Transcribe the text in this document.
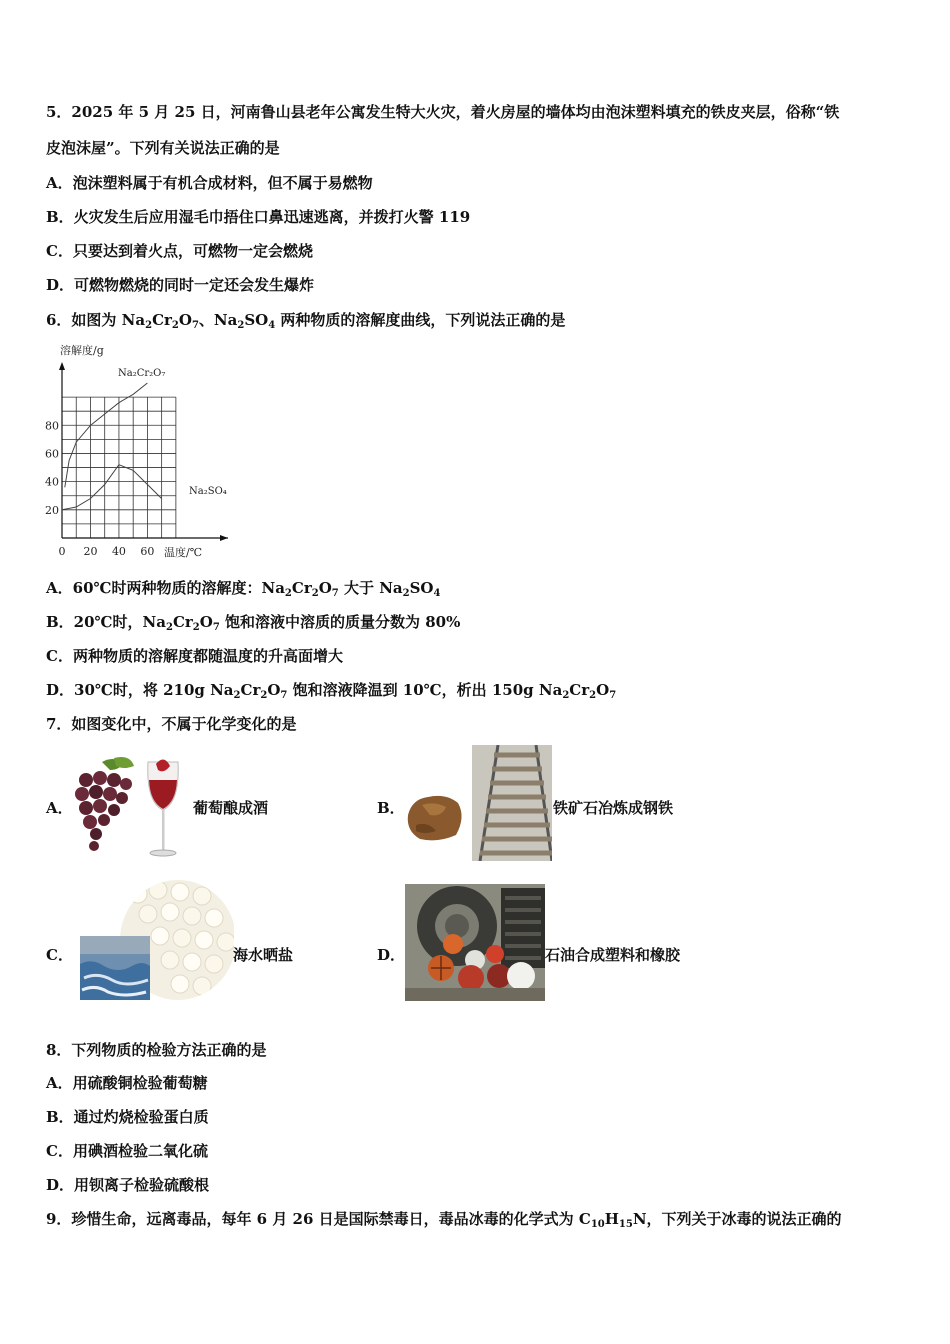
5．2025 年 5 月 25 日，河南鲁山县老年公寓发生特大火灾，着火房屋的墙体均由泡沫塑料填充的铁皮夹层，俗称“铁
皮泡沫屋”。下列有关说法正确的是
A．泡沫塑料属于有机合成材料，但不属于易燃物
B．火灾发生后应用湿毛巾捂住口鼻迅速逃离，并拨打火警 119
C．只要达到着火点，可燃物一定会燃烧
D．可燃物燃烧的同时一定还会发生爆炸
6．如图为 $Na_2Cr_2O_7$、$Na_2SO_4$ 两种物质的溶解度曲线，下列说法正确的是
0 20 40 60
20
40
60
80
溶解度/g
温度/℃
Na₂Cr₂O₇
Na₂SO₄
A．60℃时两种物质的溶解度：$Na_2Cr_2O_7$ 大于 $Na_2SO_4$
B．20℃时，$Na_2Cr_2O_7$ 饱和溶液中溶质的质量分数为 80%
C．两种物质的溶解度都随温度的升高面增大
D．30℃时，将 210g $Na_2Cr_2O_7$ 饱和溶液降温到 10℃，析出 150g $Na_2Cr_2O_7$
7．如图变化中，不属于化学变化的是
A．	葡萄酿成酒	B．	铁矿石冶炼成钢铁
C．	海水晒盐	D．	石油合成塑料和橡胶
8．下列物质的检验方法正确的是
A．用硫酸铜检验葡萄糖
B．通过灼烧检验蛋白质
C．用碘酒检验二氧化硫
D．用钡离子检验硫酸根
9．珍惜生命，远离毒品，每年 6 月 26 日是国际禁毒日，毒品冰毒的化学式为 $C_{10}H_{15}N$，下列关于冰毒的说法正确的
